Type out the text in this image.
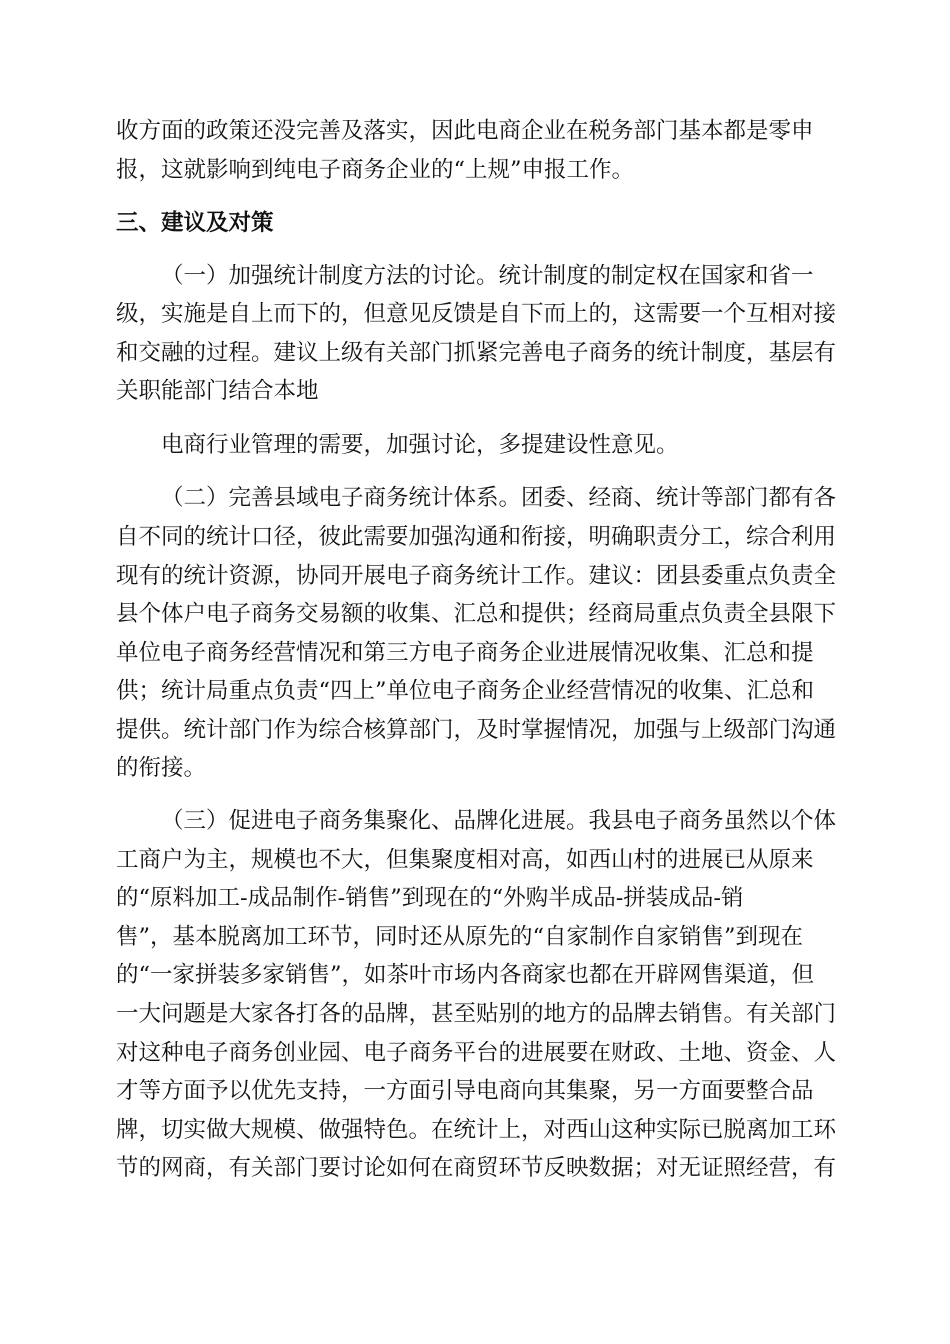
收方面的政策还没完善及落实，因此电商企业在税务部门基本都是零申
报，这就影响到纯电子商务企业的“上规”申报工作。
三、建议及对策
（一）加强统计制度方法的讨论。统计制度的制定权在国家和省一
级，实施是自上而下的，但意见反馈是自下而上的，这需要一个互相对接
和交融的过程。建议上级有关部门抓紧完善电子商务的统计制度，基层有
关职能部门结合本地
电商行业管理的需要，加强讨论，多提建设性意见。
（二）完善县域电子商务统计体系。团委、经商、统计等部门都有各
自不同的统计口径，彼此需要加强沟通和衔接，明确职责分工，综合利用
现有的统计资源，协同开展电子商务统计工作。建议：团县委重点负责全
县个体户电子商务交易额的收集、汇总和提供；经商局重点负责全县限下
单位电子商务经营情况和第三方电子商务企业进展情况收集、汇总和提
供；统计局重点负责“四上”单位电子商务企业经营情况的收集、汇总和
提供。统计部门作为综合核算部门，及时掌握情况，加强与上级部门沟通
的衔接。
（三）促进电子商务集聚化、品牌化进展。我县电子商务虽然以个体
工商户为主，规模也不大，但集聚度相对高，如西山村的进展已从原来
的“原料加工-成品制作-销售”到现在的“外购半成品-拼装成品-销
售”，基本脱离加工环节，同时还从原先的“自家制作自家销售”到现在
的“一家拼装多家销售”，如茶叶市场内各商家也都在开辟网售渠道，但
一大问题是大家各打各的品牌，甚至贴别的地方的品牌去销售。有关部门
对这种电子商务创业园、电子商务平台的进展要在财政、土地、资金、人
才等方面予以优先支持，一方面引导电商向其集聚，另一方面要整合品
牌，切实做大规模、做强特色。在统计上，对西山这种实际已脱离加工环
节的网商，有关部门要讨论如何在商贸环节反映数据；对无证照经营，有
